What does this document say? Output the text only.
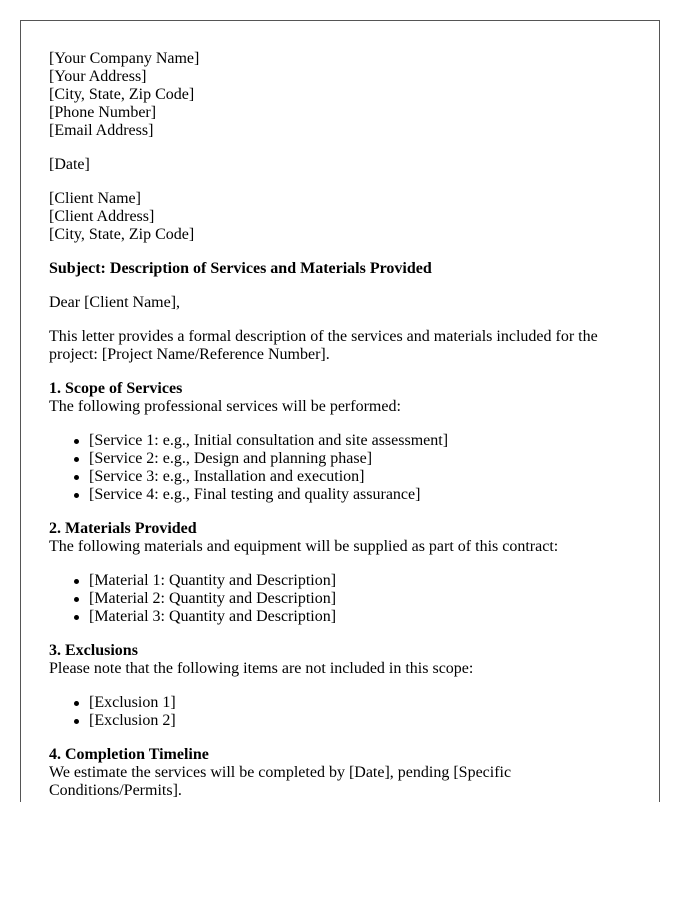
[Your Company Name]
[Your Address]
[City, State, Zip Code]
[Phone Number]
[Email Address]
[Date]
[Client Name]
[Client Address]
[City, State, Zip Code]
Subject: Description of Services and Materials Provided
Dear [Client Name],
This letter provides a formal description of the services and materials included for the
project: [Project Name/Reference Number].
1. Scope of Services

The following professional services will be performed:

[Service 1: e.g., Initial consultation and site assessment]
[Service 2: e.g., Design and planning phase]
[Service 3: e.g., Installation and execution]
[Service 4: e.g., Final testing and quality assurance]
2. Materials Provided

The following materials and equipment will be supplied as part of this contract:

[Material 1: Quantity and Description]
[Material 2: Quantity and Description]
[Material 3: Quantity and Description]
3. Exclusions

Please note that the following items are not included in this scope:

[Exclusion 1]
[Exclusion 2]
4. Completion Timeline
We estimate the services will be completed by [Date], pending [Specific
Conditions/Permits].
